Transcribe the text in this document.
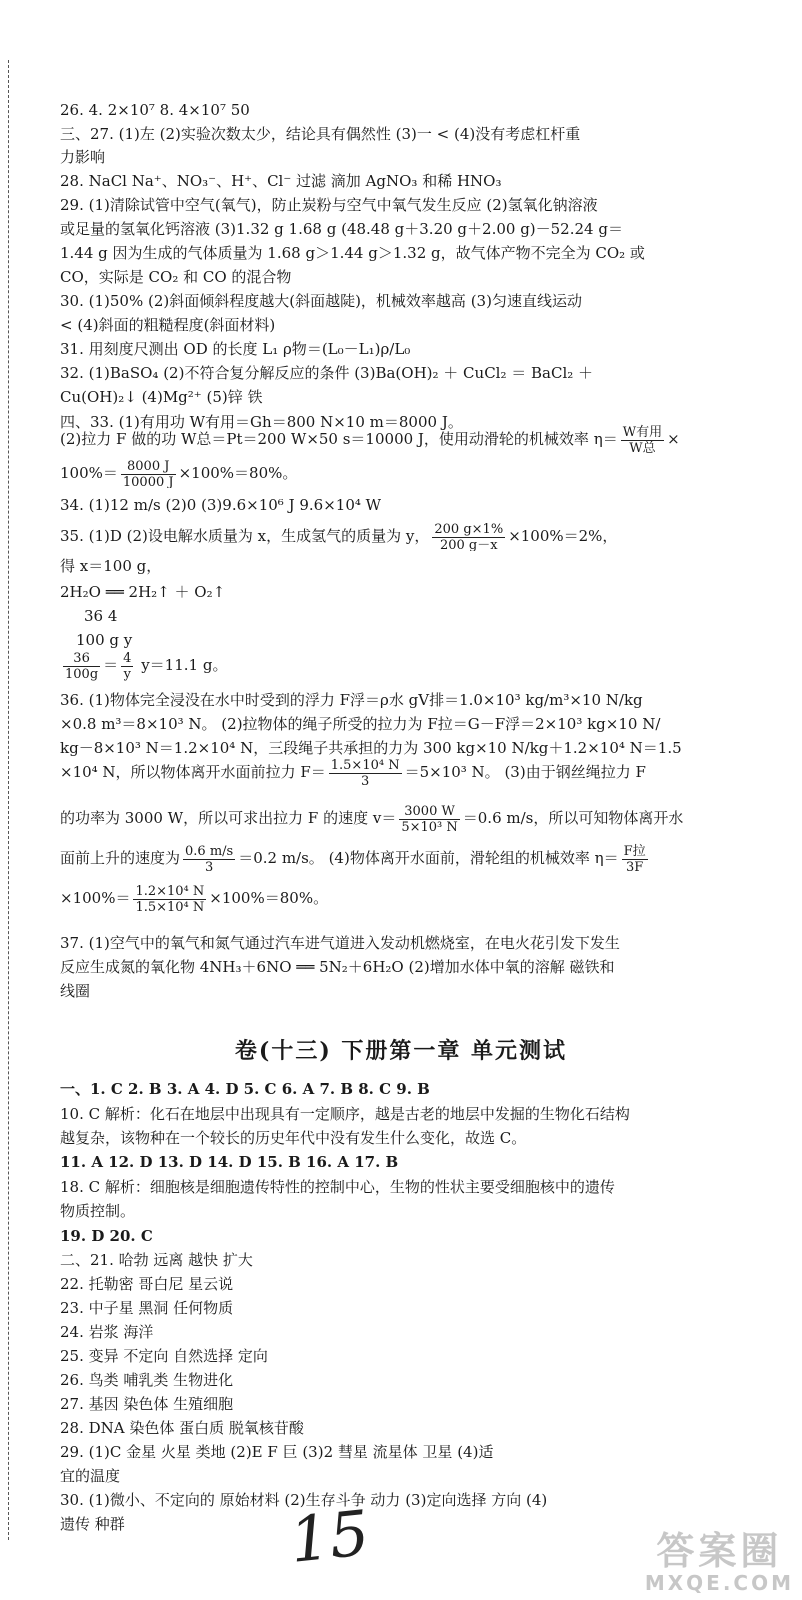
26. 4. 2×10⁷ 8. 4×10⁷ 50
三、27. (1)左 (2)实验次数太少，结论具有偶然性 (3)一 < (4)没有考虑杠杆重
力影响
28. NaCl Na⁺、NO₃⁻、H⁺、Cl⁻ 过滤 滴加 AgNO₃ 和稀 HNO₃
29. (1)清除试管中空气(氧气)，防止炭粉与空气中氧气发生反应 (2)氢氧化钠溶液
或足量的氢氧化钙溶液 (3)1.32 g 1.68 g (48.48 g＋3.20 g＋2.00 g)－52.24 g＝
1.44 g 因为生成的气体质量为 1.68 g＞1.44 g＞1.32 g，故气体产物不完全为 CO₂ 或
CO，实际是 CO₂ 和 CO 的混合物
30. (1)50% (2)斜面倾斜程度越大(斜面越陡)，机械效率越高 (3)匀速直线运动
< (4)斜面的粗糙程度(斜面材料)
31. 用刻度尺测出 OD 的长度 L₁ ρ物＝(L₀－L₁)ρ/L₀
32. (1)BaSO₄ (2)不符合复分解反应的条件 (3)Ba(OH)₂ ＋ CuCl₂ ＝ BaCl₂ ＋
Cu(OH)₂↓ (4)Mg²⁺ (5)锌 铁
四、33. (1)有用功 W有用＝Gh＝800 N×10 m＝8000 J。
(2)拉力 F 做的功 W总＝Pt＝200 W×50 s＝10000 J，使用动滑轮的机械效率 $\eta= \frac{\text{W有用}}{\text{W总}}$ ×
$100\%= \frac{8000 J}{10000 J} \times 100\%=80\%$。
34. (1)12 m/s (2)0 (3)9.6×10⁶ J 9.6×10⁴ W
35. (1)D (2)设电解水质量为 x，生成氢气的质量为 y， $\frac{200 g\times 1\%}{200 g-x} \times 100\%=2\%$，
得 x＝100 g，
2H₂O ══ 2H₂↑ ＋ O₂↑
36 4
100 g y
$\frac{36}{100g} = \frac{4}{y} y=11.1$ g。
36. (1)物体完全浸没在水中时受到的浮力 F浮＝ρ水 gV排＝1.0×10³ kg/m³×10 N/kg
×0.8 m³＝8×10³ N。 (2)拉物体的绳子所受的拉力为 F拉＝G－F浮＝2×10³ kg×10 N/
kg－8×10³ N＝1.2×10⁴ N，三段绳子共承担的力为 300 kg×10 N/kg＋1.2×10⁴ N＝1.5
×10⁴ N，所以物体离开水面前拉力 $F= \frac{\text{1.5×10⁴ N}}{3} =5\times 10^3$ N。 (3)由于钢丝绳拉力 F
的功率为 3000 W，所以可求出拉力 F 的速度 $v= \frac{3000 W}{\text{5×10³ N}} =0.6$ m/s，所以可知物体离开水
面前上升的速度为 $\frac{0.6 m/s}{3} =0.2$ m/s。 (4)物体离开水面前，滑轮组的机械效率 $\eta= \frac{\text{F拉}}{3F}$
$\times 100\%= \frac{\text{1.2×10⁴ N}}{\text{1.5×10⁴ N}} \times 100\%=80\%$。
37. (1)空气中的氧气和氮气通过汽车进气道进入发动机燃烧室，在电火花引发下发生
反应生成氮的氧化物 4NH₃＋6NO ══ 5N₂＋6H₂O (2)增加水体中氧的溶解 磁铁和
线圈
卷(十三) 下册第一章 单元测试
一、1. C 2. B 3. A 4. D 5. C 6. A 7. B 8. C 9. B
10. C 解析：化石在地层中出现具有一定顺序，越是古老的地层中发掘的生物化石结构
越复杂，该物种在一个较长的历史年代中没有发生什么变化，故选 C。
11. A 12. D 13. D 14. D 15. B 16. A 17. B
18. C 解析：细胞核是细胞遗传特性的控制中心，生物的性状主要受细胞核中的遗传
物质控制。
19. D 20. C
二、21. 哈勃 远离 越快 扩大
22. 托勒密 哥白尼 星云说
23. 中子星 黑洞 任何物质
24. 岩浆 海洋
25. 变异 不定向 自然选择 定向
26. 鸟类 哺乳类 生物进化
27. 基因 染色体 生殖细胞
28. DNA 染色体 蛋白质 脱氧核苷酸
29. (1)C 金星 火星 类地 (2)E F 巨 (3)2 彗星 流星体 卫星 (4)适
宜的温度
30. (1)微小、不定向的 原始材料 (2)生存斗争 动力 (3)定向选择 方向 (4)
遗传 种群	15	答案圈
MXQE.COM
